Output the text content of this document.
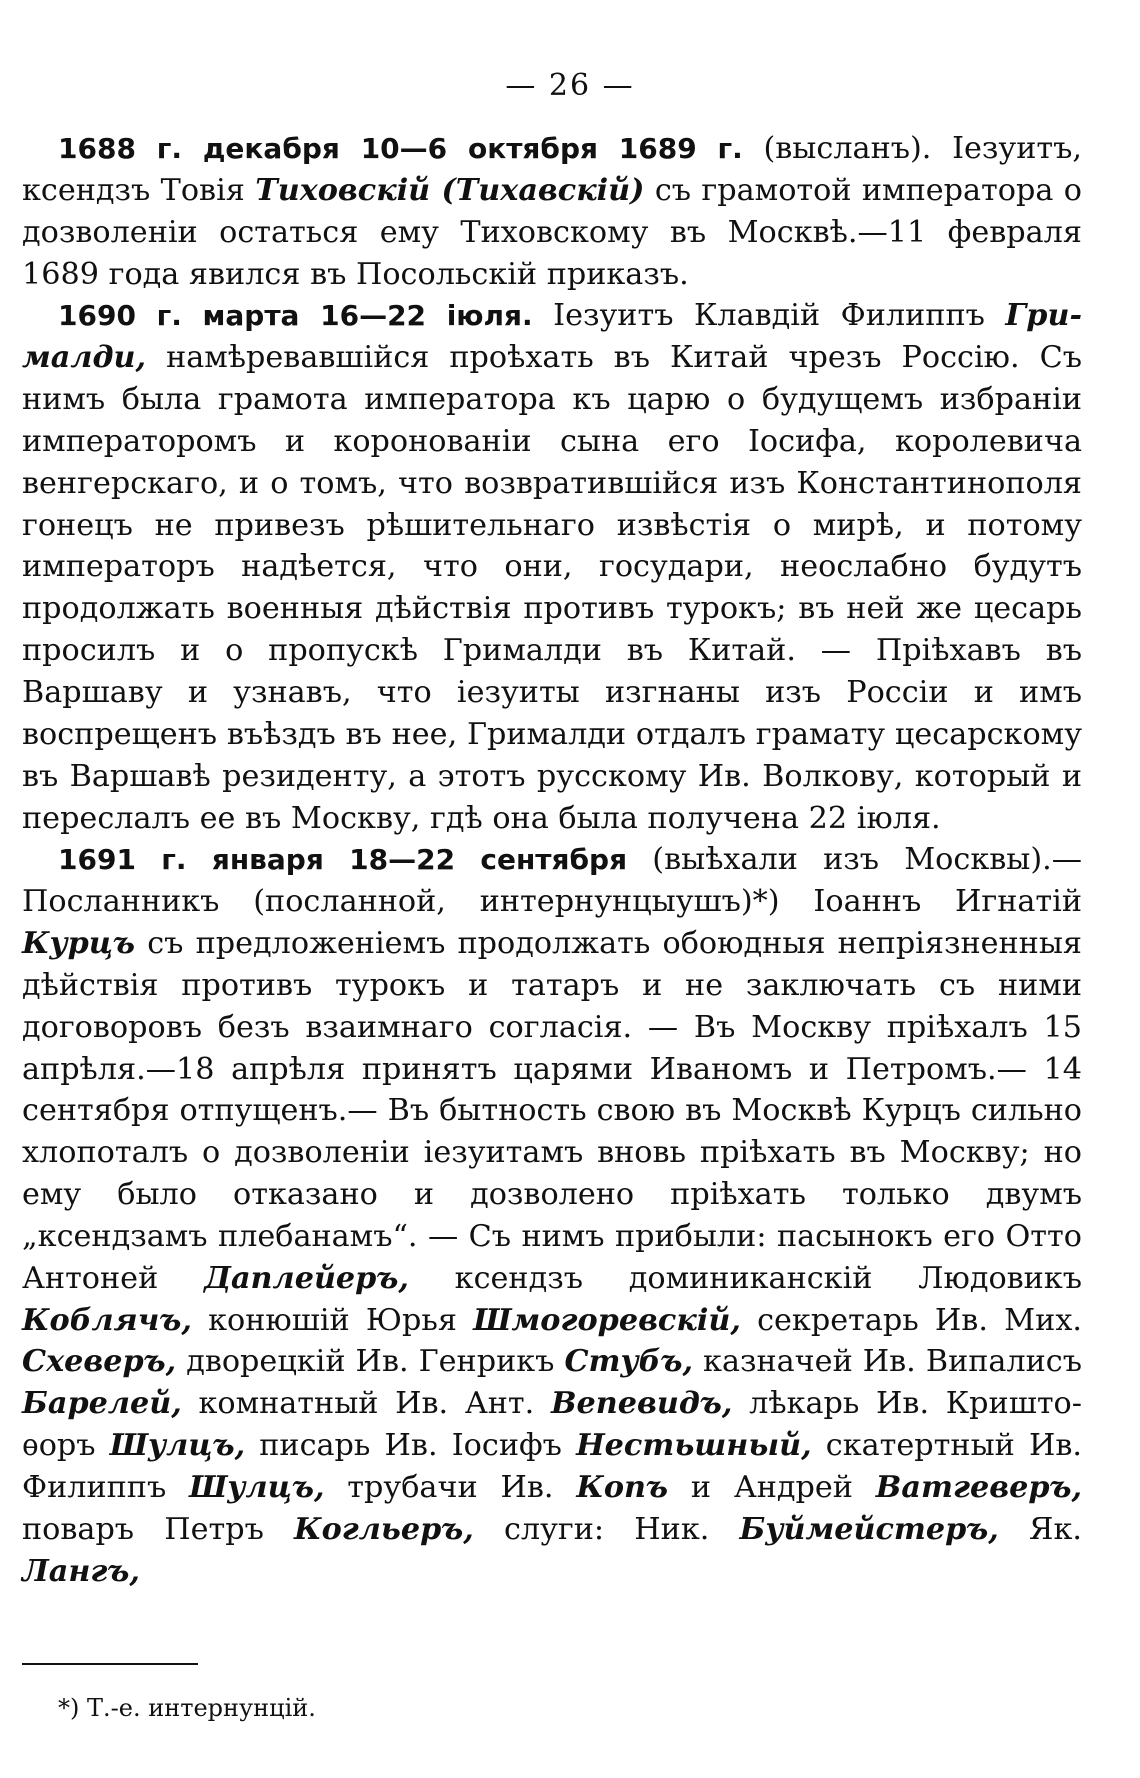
— 26 —

1688 г. декабря 10—6 октября 1689 г. (высланъ). Іезуитъ, ксендзъ Товія Тиховскій (Тихавскій) съ грамотой императора о дозволеніи остаться ему Тиховскому въ Москвѣ.—11 февраля 1689 года явился въ Посольскій приказъ.

1690 г. марта 16—22 іюля. Іезуитъ Клавдій Филиппъ Грималди, намѣревавшійся проѣхать въ Китай чрезъ Россію. Съ нимъ была грамота императора къ царю о будущемъ избраніи императоромъ и коронованіи сына его Іосифа, королевича венгерскаго, и о томъ, что возвратившійся изъ Константинополя гонецъ не привезъ рѣшительнаго извѣстія о мирѣ, и потому императоръ надѣется, что они, государи, неослабно будутъ продолжать военныя дѣйствія противъ турокъ; въ ней же цесарь просилъ и о пропускѣ Грималди въ Китай. — Пріѣхавъ въ Варшаву и узнавъ, что іезуиты изгнаны изъ Россіи и имъ воспрещенъ въѣздъ въ нее, Грималди отдалъ грамату цесарскому въ Варшавѣ резиденту, а этотъ русскому Ив. Волкову, который и переслалъ ее въ Москву, гдѣ она была получена 22 іюля.

1691 г. января 18—22 сентября (выѣхали изъ Москвы).— Посланникъ (посланной, интернунцыушъ)*) Іоаннъ Игнатій Курцъ съ предложеніемъ продолжать обоюдныя непріязненныя дѣйствія противъ турокъ и татаръ и не заключать съ ними договоровъ безъ взаимнаго согласія. — Въ Москву пріѣхалъ 15 апрѣля.—18 апрѣля принятъ царями Иваномъ и Петромъ.— 14 сентября отпущенъ.— Въ бытность свою въ Москвѣ Курцъ сильно хлопоталъ о дозволеніи іезуитамъ вновь пріѣхать въ Москву; но ему было отказано и дозволено пріѣхать только двумъ „ксендзамъ плебанамъ“. — Съ нимъ прибыли: пасынокъ его Отто Антоней Даплейеръ, ксендзъ доминиканскій Людовикъ Коблячъ, конюшій Юрья Шмогоревскій, секретарь Ив. Мих. Схеверъ, дворецкій Ив. Генрикъ Стубъ, казначей Ив. Випалисъ Барелей, комнатный Ив. Ант. Вепевидъ, лѣкарь Ив. Криштоѳоръ Шулцъ, писарь Ив. Іосифъ Нестьшный, скатертный Ив. Филиппъ Шулцъ, трубачи Ив. Копъ и Андрей Ватгеверъ, поваръ Петръ Когльеръ, слуги: Ник. Буймейстеръ, Як. Лангъ,

*) Т.-е. интернунцій.
